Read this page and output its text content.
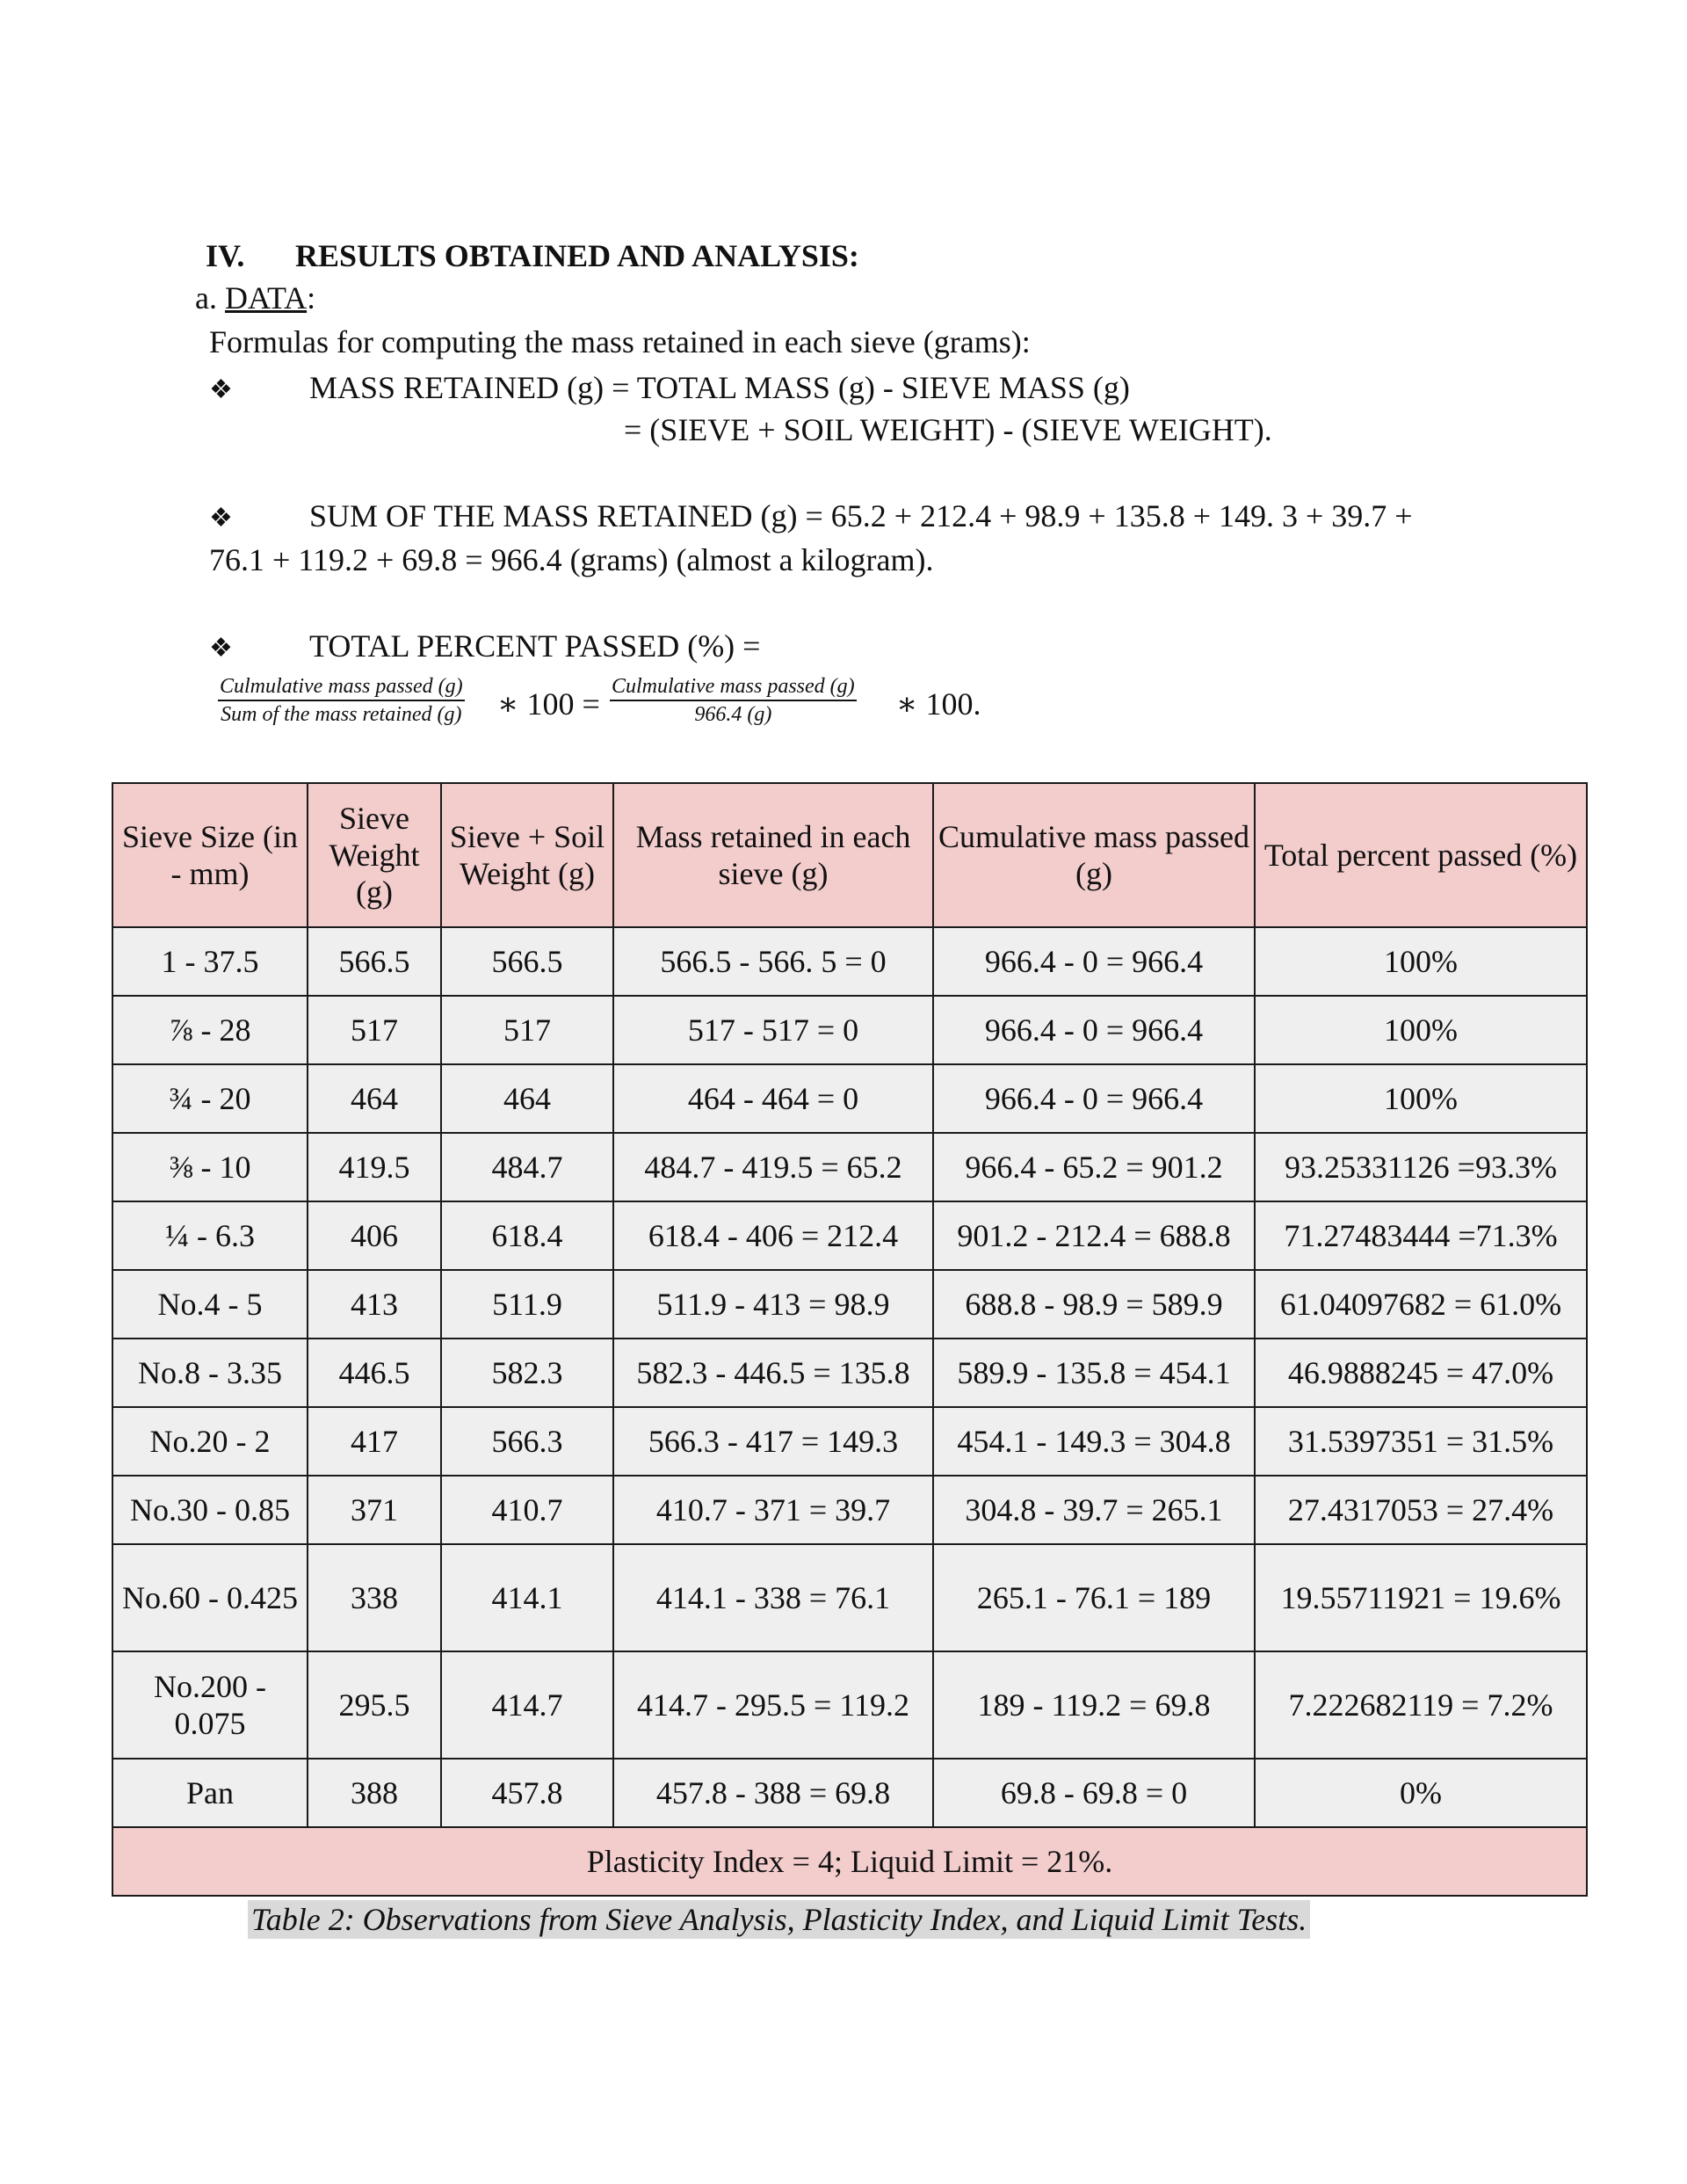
IV. RESULTS OBTAINED AND ANALYSIS:
a. DATA:
Formulas for computing the mass retained in each sieve (grams):
❖ MASS RETAINED (g) = TOTAL MASS (g) - SIEVE MASS (g)
= (SIEVE + SOIL WEIGHT) - (SIEVE WEIGHT).
❖ SUM OF THE MASS RETAINED (g) = 65.2 + 212.4 + 98.9 + 135.8 + 149. 3 + 39.7 +
76.1 + 119.2 + 69.8 = 966.4 (grams) (almost a kilogram).
❖ TOTAL PERCENT PASSED (%) =
Culmulative mass passed (g)
Sum of the mass retained (g) ∗ 100 = Culmulative mass passed (g)
966.4 (g)	∗ 100.
Sieve Size (in - mm)	Sieve Weight (g)	Sieve + Soil Weight (g)	Mass retained in each sieve (g)	Cumulative mass passed (g)	Total percent passed (%)
1 - 37.5	566.5	566.5	566.5 - 566. 5 = 0	966.4 - 0 = 966.4	100%
⅞ - 28	517	517	517 - 517 = 0	966.4 - 0 = 966.4	100%
¾ - 20	464	464	464 - 464 = 0	966.4 - 0 = 966.4	100%
⅜ - 10	419.5	484.7	484.7 - 419.5 = 65.2	966.4 - 65.2 = 901.2	93.25331126 =93.3%
¼ - 6.3	406	618.4	618.4 - 406 = 212.4	901.2 - 212.4 = 688.8	71.27483444 =71.3%
No.4 - 5	413	511.9	511.9 - 413 = 98.9	688.8 - 98.9 = 589.9	61.04097682 = 61.0%
No.8 - 3.35	446.5	582.3	582.3 - 446.5 = 135.8	589.9 - 135.8 = 454.1	46.9888245 = 47.0%
No.20 - 2	417	566.3	566.3 - 417 = 149.3	454.1 - 149.3 = 304.8	31.5397351 = 31.5%
No.30 - 0.85	371	410.7	410.7 - 371 = 39.7	304.8 - 39.7 = 265.1	27.4317053 = 27.4%
No.60 - 0.425	338	414.1	414.1 - 338 = 76.1	265.1 - 76.1 = 189	19.55711921 = 19.6%
No.200 - 0.075	295.5	414.7	414.7 - 295.5 = 119.2	189 - 119.2 = 69.8	7.222682119 = 7.2%
Pan	388	457.8	457.8 - 388 = 69.8	69.8 - 69.8 = 0	0%
Plasticity Index = 4; Liquid Limit = 21%.					
Table 2: Observations from Sieve Analysis, Plasticity Index, and Liquid Limit Tests.
